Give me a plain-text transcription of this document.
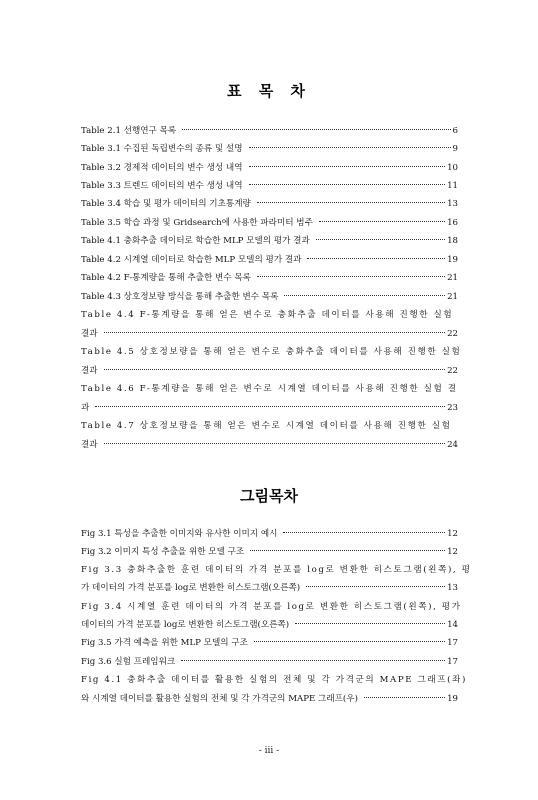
표 목 차
Table 2.1 선행연구 목록	6
Table 3.1 수집된 독립변수의 종류 및 설명	9
Table 3.2 경제적 데이터의 변수 생성 내역	10
Table 3.3 트렌드 데이터의 변수 생성 내역	11
Table 3.4 학습 및 평가 데이터의 기초통계량	13
Table 3.5 학습 과정 및 Gridsearch에 사용한 파라미터 범주	16
Table 4.1 충화추출 데이터로 학습한 MLP 모델의 평가 결과	18
Table 4.2 시계열 데이터로 학습한 MLP 모델의 평가 결과	19
Table 4.2 F-통계량을 통해 추출한 변수 목록	21
Table 4.3 상호정보량 방식을 통해 추출한 변수 목록	21
Table 4.4 F-통계량을 통해 얻은 변수로 충화추출 데이터를 사용해 진행한 실험
결과	22
Table 4.5 상호정보량을 통해 얻은 변수로 충화추출 데이터를 사용해 진행한 실험
결과	22
Table 4.6 F-통계량을 통해 얻은 변수로 시계열 데이터를 사용해 진행한 실험 결
과	23
Table 4.7 상호정보량을 통해 얻은 변수로 시계열 데이터를 사용해 진행한 실험
결과	24
그림목차
Fig 3.1 특성을 추출한 이미지와 유사한 이미지 예시	12
Fig 3.2 이미지 특성 추출을 위한 모델 구조	12
Fig 3.3 충화추출한 훈련 데이터의 가격 분포를 log로 변환한 히스토그램(왼쪽), 평
가 데이터의 가격 분포를 log로 변환한 히스토그램(오른쪽)	13
Fig 3.4 시계열 훈련 데이터의 가격 분포를 log로 변환한 히스토그램(왼쪽), 평가
데이터의 가격 분포를 log로 변환한 히스토그램(오른쪽)	14
Fig 3.5 가격 예측을 위한 MLP 모델의 구조	17
Fig 3.6 실험 프레임워크	17
Fig 4.1 충화추출 데이터를 활용한 실험의 전체 및 각 가격군의 MAPE 그래프(좌)
와 시계열 데이터를 활용한 실험의 전체 및 각 가격군의 MAPE 그래프(우)	19
- iii -
